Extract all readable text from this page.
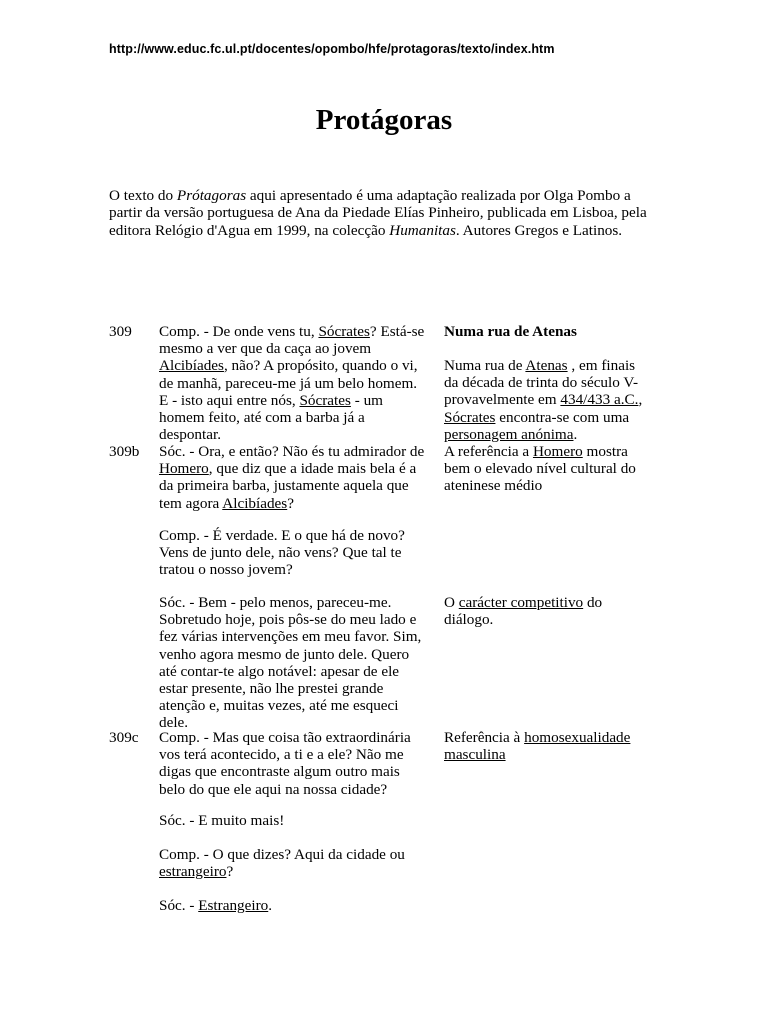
http://www.educ.fc.ul.pt/docentes/opombo/hfe/protagoras/texto/index.htm
Protágoras
O texto do Prótagoras aqui apresentado é uma adaptação realizada por Olga Pombo a partir da versão portuguesa de Ana da Piedade Elías Pinheiro, publicada em Lisboa, pela editora Relógio d'Agua em 1999, na colecção Humanitas. Autores Gregos e Latinos.
309
309b
309c
Comp. - De onde vens tu, Sócrates? Está-se
mesmo a ver que da caça ao jovem
Alcibíades, não? A propósito, quando o vi,
de manhã, pareceu-me já um belo homem.
E - isto aqui entre nós, Sócrates - um
homem feito, até com a barba já a
despontar.
Sóc. - Ora, e então? Não és tu admirador de
Homero, que diz que a idade mais bela é a
da primeira barba, justamente aquela que
tem agora Alcibíades?
Comp. - É verdade. E o que há de novo?
Vens de junto dele, não vens? Que tal te
tratou o nosso jovem?
Sóc. - Bem - pelo menos, pareceu-me.
Sobretudo hoje, pois pôs-se do meu lado e
fez várias intervenções em meu favor. Sim,
venho agora mesmo de junto dele. Quero
até contar-te algo notável: apesar de ele
estar presente, não lhe prestei grande
atenção e, muitas vezes, até me esqueci
dele.
Comp. - Mas que coisa tão extraordinária
vos terá acontecido, a ti e a ele? Não me
digas que encontraste algum outro mais
belo do que ele aqui na nossa cidade?
Sóc. - E muito mais!
Comp. - O que dizes? Aqui da cidade ou
estrangeiro?
Sóc. - Estrangeiro.
Numa rua de Atenas
Numa rua de Atenas , em finais
da década de trinta do século V-
provavelmente em 434/433 a.C.,
Sócrates encontra-se com uma
personagem anónima.
A referência a Homero mostra
bem o elevado nível cultural do
ateninese médio
O carácter competitivo do
diálogo.
Referência à homosexualidade
masculina
